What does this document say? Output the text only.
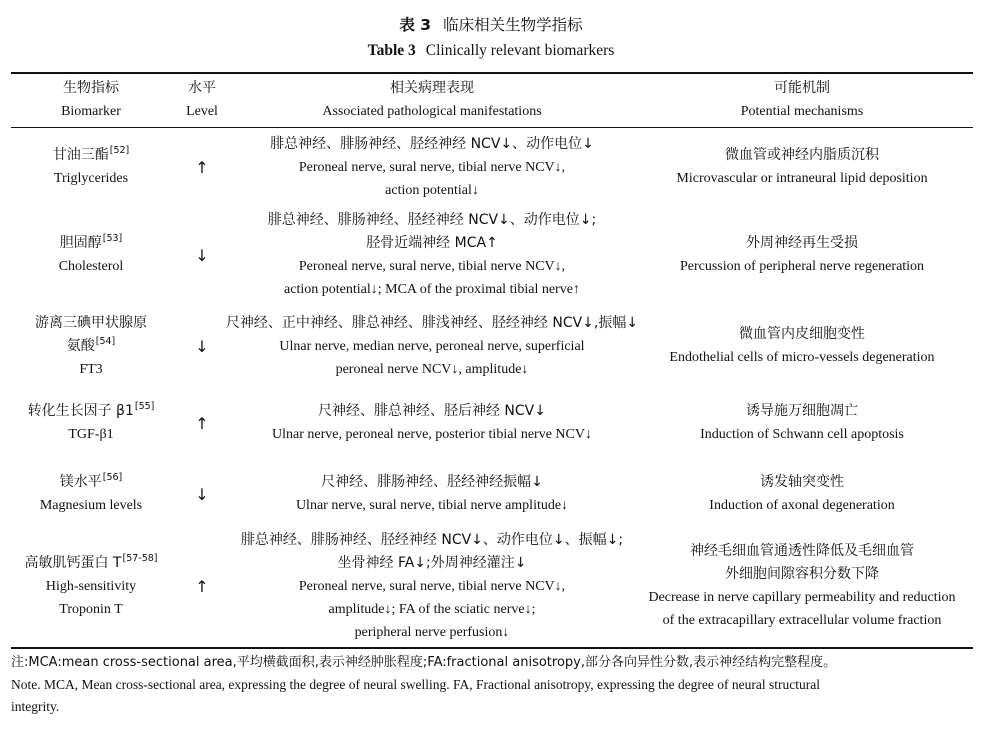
表 3 临床相关生物学指标
Table 3 Clinically relevant biomarkers
生物指标
Biomarker
水平
Level
相关病理表现
Associated pathological manifestations
可能机制
Potential mechanisms
甘油三酯[52]
Triglycerides
↑
腓总神经、腓肠神经、胫经神经 NCV↓、动作电位↓
Peroneal nerve, sural nerve, tibial nerve NCV↓,
action potential↓
微血管或神经内脂质沉积
Microvascular or intraneural lipid deposition
胆固醇[53]
Cholesterol
↓
腓总神经、腓肠神经、胫经神经 NCV↓、动作电位↓;
胫骨近端神经 MCA↑
Peroneal nerve, sural nerve, tibial nerve NCV↓,
action potential↓; MCA of the proximal tibial nerve↑
外周神经再生受损
Percussion of peripheral nerve regeneration
游离三碘甲状腺原
氨酸[54]
FT3
↓
尺神经、正中神经、腓总神经、腓浅神经、胫经神经 NCV↓,振幅↓
Ulnar nerve, median nerve, peroneal nerve, superficial
peroneal nerve NCV↓, amplitude↓
微血管内皮细胞变性
Endothelial cells of micro-vessels degeneration
转化生长因子 β1[55]
TGF-β1
↑
尺神经、腓总神经、胫后神经 NCV↓
Ulnar nerve, peroneal nerve, posterior tibial nerve NCV↓
诱导施万细胞凋亡
Induction of Schwann cell apoptosis
镁水平[56]
Magnesium levels
↓
尺神经、腓肠神经、胫经神经振幅↓
Ulnar nerve, sural nerve, tibial nerve amplitude↓
诱发轴突变性
Induction of axonal degeneration
高敏肌钙蛋白 T[57-58]
High-sensitivity
Troponin T
↑
腓总神经、腓肠神经、胫经神经 NCV↓、动作电位↓、振幅↓;
坐骨神经 FA↓;外周神经灌注↓
Peroneal nerve, sural nerve, tibial nerve NCV↓,
amplitude↓; FA of the sciatic nerve↓;
peripheral nerve perfusion↓
神经毛细血管通透性降低及毛细血管
外细胞间隙容积分数下降
Decrease in nerve capillary permeability and reduction
of the extracapillary extracellular volume fraction
注:MCA:mean cross-sectional area,平均横截面积,表示神经肿胀程度;FA:fractional anisotropy,部分各向异性分数,表示神经结构完整程度。
Note. MCA, Mean cross-sectional area, expressing the degree of neural swelling. FA, Fractional anisotropy, expressing the degree of neural structural
integrity.
